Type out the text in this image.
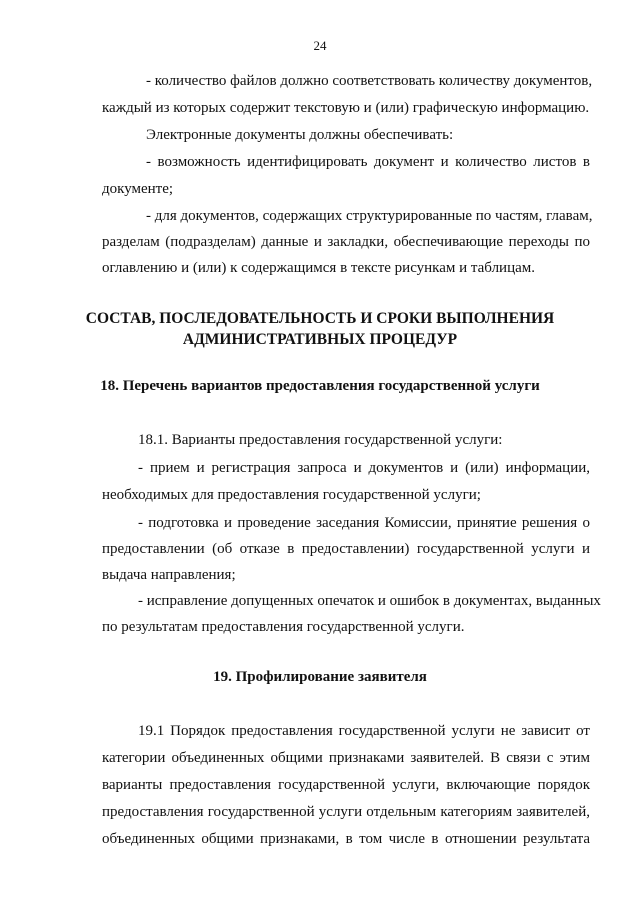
24
- количество файлов должно соответствовать количеству документов,
каждый из которых содержит текстовую и (или) графическую информацию.
Электронные документы должны обеспечивать:
- возможность идентифицировать документ и количество листов в
документе;
- для документов, содержащих структурированные по частям, главам,
разделам (подразделам) данные и закладки, обеспечивающие переходы по
оглавлению и (или) к содержащимся в тексте рисункам и таблицам.
СОСТАВ, ПОСЛЕДОВАТЕЛЬНОСТЬ И СРОКИ ВЫПОЛНЕНИЯ
АДМИНИСТРАТИВНЫХ ПРОЦЕДУР
18. Перечень вариантов предоставления государственной услуги
18.1. Варианты предоставления государственной услуги:
- прием и регистрация запроса и документов и (или) информации,
необходимых для предоставления государственной услуги;
- подготовка и проведение заседания Комиссии, принятие решения о
предоставлении (об отказе в предоставлении) государственной услуги и
выдача направления;
- исправление допущенных опечаток и ошибок в документах, выданных
по результатам предоставления государственной услуги.
19. Профилирование заявителя
19.1 Порядок предоставления государственной услуги не зависит от
категории объединенных общими признаками заявителей. В связи с этим
варианты предоставления государственной услуги, включающие порядок
предоставления государственной услуги отдельным категориям заявителей,
объединенных общими признаками, в том числе в отношении результата
